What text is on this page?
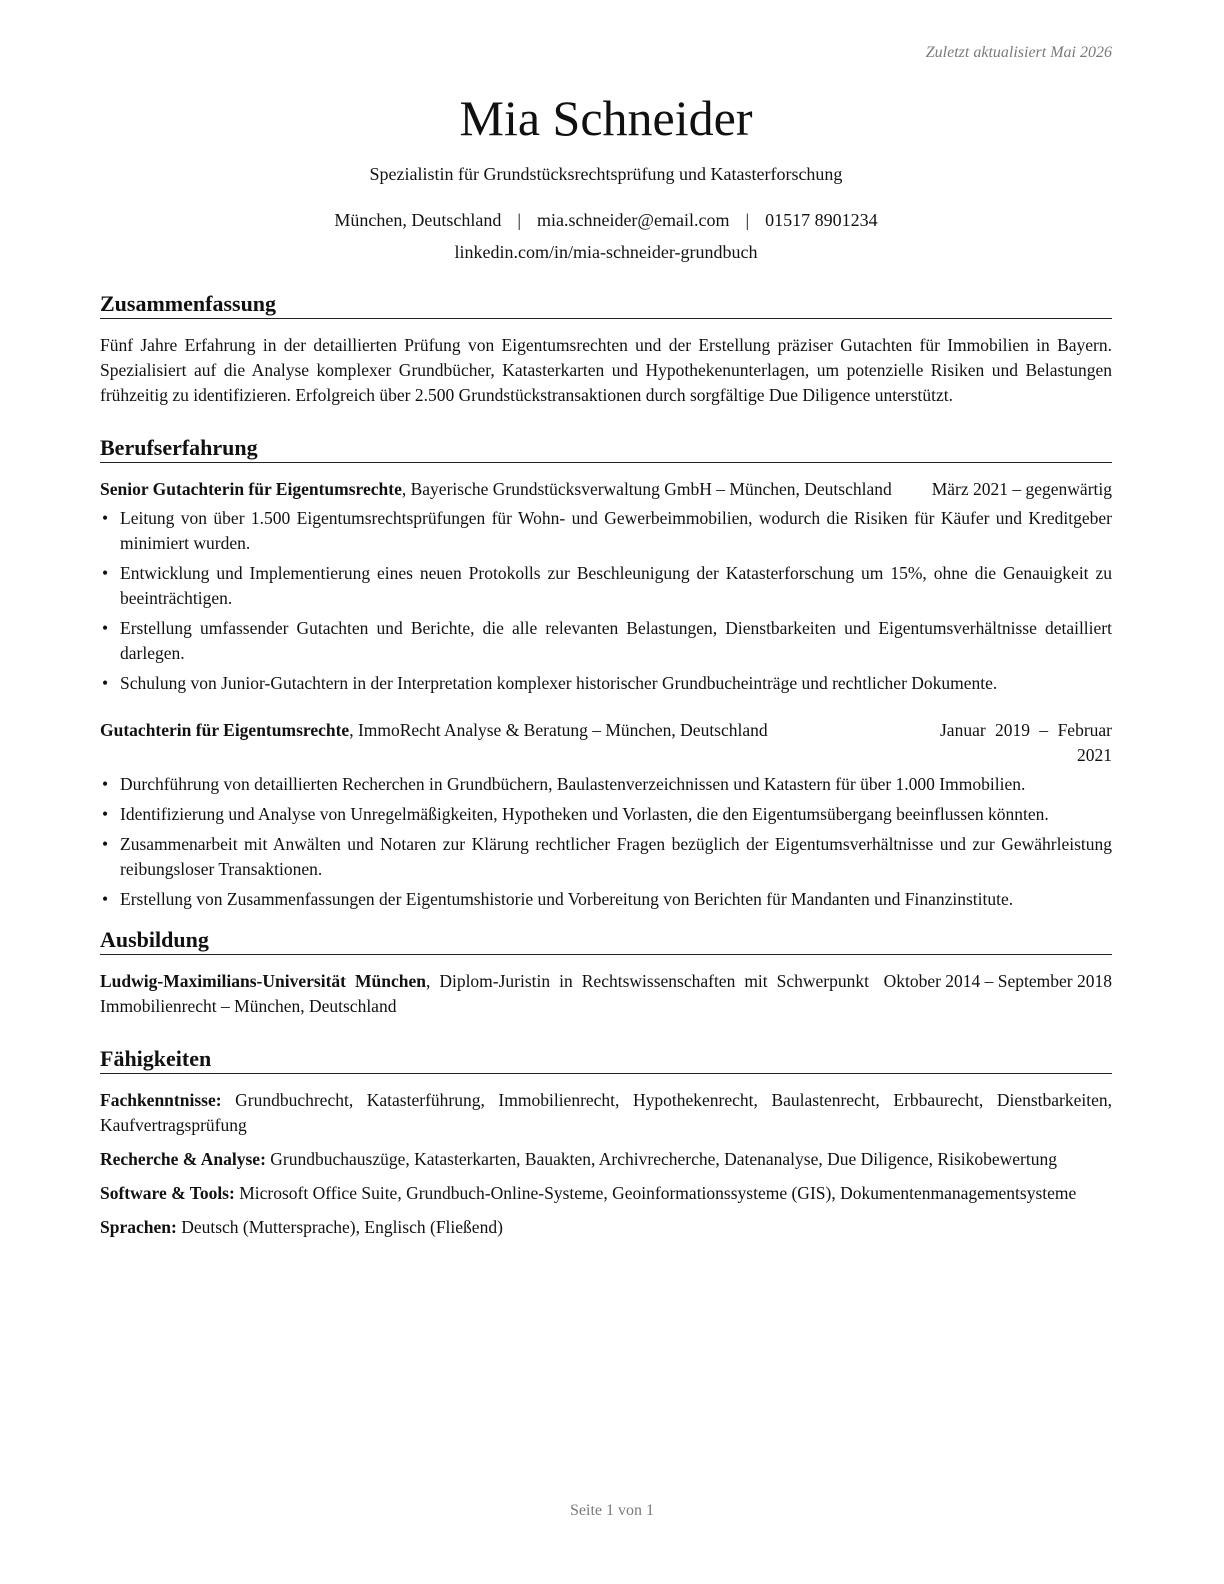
Zuletzt aktualisiert Mai 2026
Mia Schneider
Spezialistin für Grundstücksrechtsprüfung und Katasterforschung
München, Deutschland | mia.schneider@email.com | 01517 8901234
linkedin.com/in/mia-schneider-grundbuch
Zusammenfassung
Fünf Jahre Erfahrung in der detaillierten Prüfung von Eigentumsrechten und der Erstellung präziser Gutachten für Immobilien in Bayern. Spezialisiert auf die Analyse komplexer Grundbücher, Katasterkarten und Hypothekenunterlagen, um potenzielle Risiken und Belastungen frühzeitig zu identifizieren. Erfolgreich über 2.500 Grundstückstransaktionen durch sorgfältige Due Diligence unterstützt.
Berufserfahrung
Senior Gutachterin für Eigentumsrechte, Bayerische Grundstücksverwaltung GmbH – München, Deutschland	März 2021 – gegenwärtig
• Leitung von über 1.500 Eigentumsrechtsprüfungen für Wohn- und Gewerbeimmobilien, wodurch die Risiken für Käufer und Kreditgeber minimiert wurden.
• Entwicklung und Implementierung eines neuen Protokolls zur Beschleunigung der Katasterforschung um 15%, ohne die Genauigkeit zu beeinträchtigen.
• Erstellung umfassender Gutachten und Berichte, die alle relevanten Belastungen, Dienstbarkeiten und Eigentumsverhältnisse detailliert darlegen.
• Schulung von Junior-Gutachtern in der Interpretation komplexer historischer Grundbucheinträge und rechtlicher Dokumente.
Gutachterin für Eigentumsrechte, ImmoRecht Analyse & Beratung – München, Deutschland	Januar 2019 – Februar 2021
• Durchführung von detaillierten Recherchen in Grundbüchern, Baulastenverzeichnissen und Katastern für über 1.000 Immobilien.
• Identifizierung und Analyse von Unregelmäßigkeiten, Hypotheken und Vorlasten, die den Eigentumsübergang beeinflussen könnten.
• Zusammenarbeit mit Anwälten und Notaren zur Klärung rechtlicher Fragen bezüglich der Eigentumsverhältnisse und zur Gewährleistung reibungsloser Transaktionen.
• Erstellung von Zusammenfassungen der Eigentumshistorie und Vorbereitung von Berichten für Mandanten und Finanzinstitute.
Ausbildung
Ludwig-Maximilians-Universität München, Diplom-Juristin in Rechtswissenschaften mit Schwerpunkt Immobilienrecht – München, Deutschland
Oktober 2014 – September 2018
Fähigkeiten
Fachkenntnisse: Grundbuchrecht, Katasterführung, Immobilienrecht, Hypothekenrecht, Baulastenrecht, Erbbaurecht, Dienstbarkeiten, Kaufvertragsprüfung
Recherche & Analyse: Grundbuchauszüge, Katasterkarten, Bauakten, Archivrecherche, Datenanalyse, Due Diligence, Risikobewertung
Software & Tools: Microsoft Office Suite, Grundbuch-Online-Systeme, Geoinformationssysteme (GIS), Dokumentenmanagementsysteme
Sprachen: Deutsch (Muttersprache), Englisch (Fließend)
Seite 1 von 1
